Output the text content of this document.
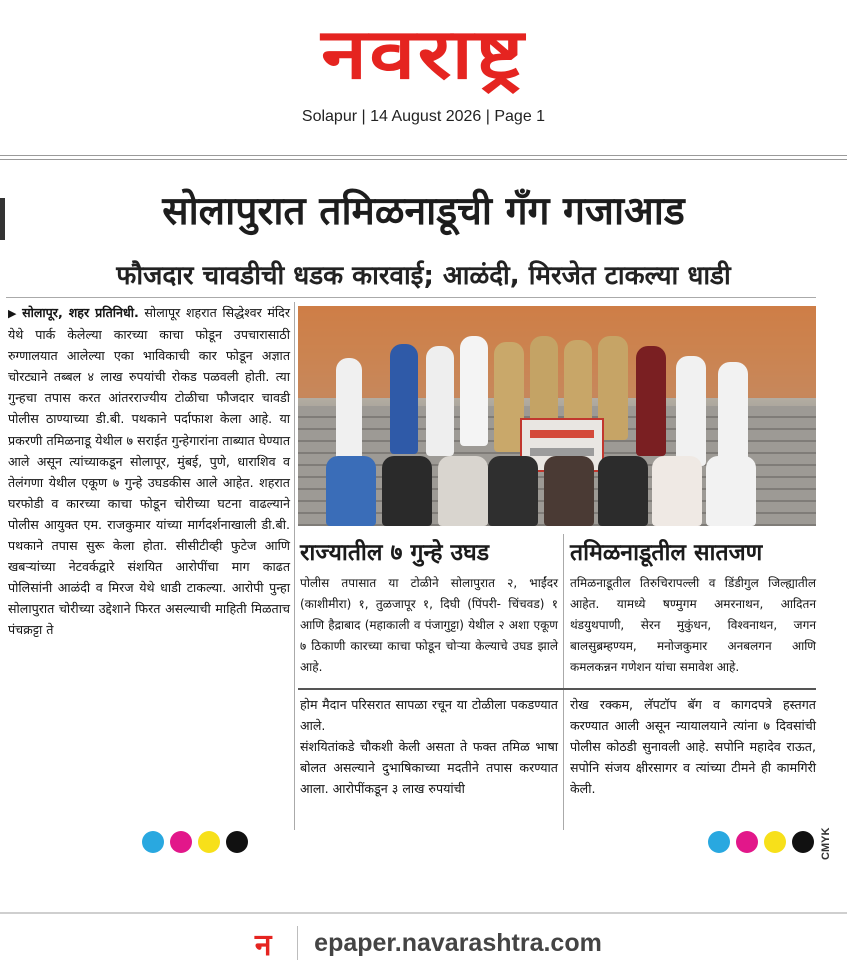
नवराष्ट्र
Solapur | 14 August 2026 | Page 1
सोलापुरात तमिळनाडूची गँग गजाआड
फौजदार चावडीची धडक कारवाई; आळंदी, मिरजेत टाकल्या धाडी

▶ सोलापूर, शहर प्रतिनिधी. सोलापूर शहरात सिद्धेश्वर मंदिर येथे पार्क केलेल्या कारच्या काचा फोडून उपचारासाठी रुग्णालयात आलेल्या एका भाविकाची कार फोडून अज्ञात चोरट्याने तब्बल ४ लाख रुपयांची रोकड पळवली होती. त्या गुन्हचा तपास करत आंतरराज्यीय टोळीचा फौजदार चावडी पोलीस ठाण्याच्या डी.बी. पथकाने पर्दाफाश केला आहे. या प्रकरणी तमिळनाडू येथील ७ सराईत गुन्हेगारांना ताब्यात घेण्यात आले असून त्यांच्याकडून सोलापूर, मुंबई, पुणे, धाराशिव व तेलंगणा येथील एकूण ७ गुन्हे उघडकीस आले आहेत. शहरात घरफोडी व कारच्या काचा फोडून चोरीच्या घटना वाढल्याने पोलीस आयुक्त एम. राजकुमार यांच्या मार्गदर्शनाखाली डी.बी. पथकाने तपास सुरू केला होता. सीसीटीव्ही फुटेज आणि खबऱ्यांच्या नेटवर्कद्वारे संशयित आरोपींचा माग काढत पोलिसांनी आळंदी व मिरज येथे धाडी टाकल्या. आरोपी पुन्हा सोलापुरात चोरीच्या उद्देशाने फिरत असल्याची माहिती मिळताच पंचक्रट्टा ते

राज्यातील ७ गुन्हे उघड

पोलीस तपासात या टोळीने सोलापुरात २, भाईंदर (काशीमीरा) १, तुळजापूर १, दिघी (पिंपरी- चिंचवड) १ आणि हैद्राबाद (महाकाली व पंजागुट्टा) येथील २ अशा एकूण ७ ठिकाणी कारच्या काचा फोडून चोऱ्या केल्याचे उघड झाले आहे.

तमिळनाडूतील सातजण

तमिळनाडूतील तिरुचिरापल्ली व डिंडीगुल जिल्ह्यातील आहेत. यामध्ये षण्मुगम अमरनाथन, आदितन थंडयुथपाणी, सेरन मुकुंधन, विश्वनाथन, जगन बालसुब्रम्हण्यम, मनोजकुमार अनबलगन आणि कमलकन्नन गणेशन यांचा समावेश आहे.

होम मैदान परिसरात सापळा रचून या टोळीला पकडण्यात आले.
संशयितांकडे चौकशी केली असता ते फक्त तमिळ भाषा बोलत असल्याने दुभाषिकाच्या मदतीने तपास करण्यात आला. आरोपींकडून ३ लाख रुपयांची

रोख रक्कम, लॅपटॉप बॅग व कागदपत्रे हस्तगत करण्यात आली असून न्यायालयाने त्यांना ७ दिवसांची पोलीस कोठडी सुनावली आहे. सपोनि महादेव राऊत, सपोनि संजय क्षीरसागर व त्यांच्या टीमने ही कामगिरी केली.

CMYK
न	epaper.navarashtra.com
